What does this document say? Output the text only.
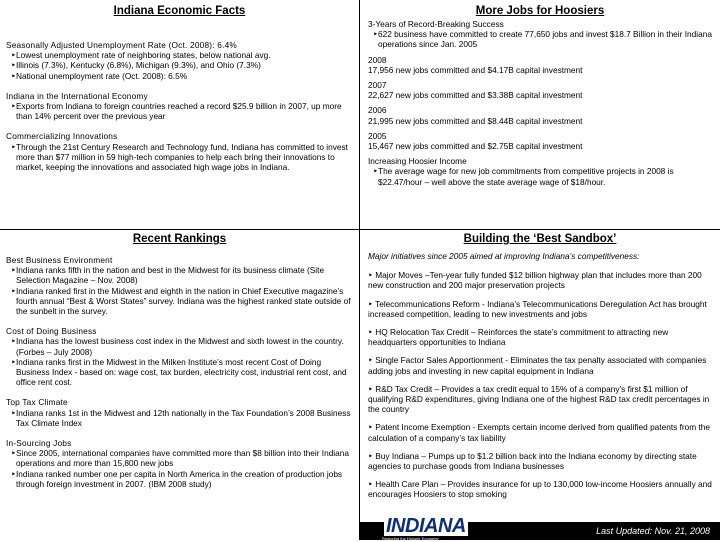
Indiana Economic Facts
Seasonally Adjusted Unemployment Rate (Oct. 2008): 6.4%
‣Lowest unemployment rate of neighboring states, below national avg.
‣Illinois (7.3%), Kentucky (6.8%), Michigan (9.3%), and Ohio (7.3%)
‣National unemployment rate (Oct. 2008): 6.5%
Indiana in the International Economy
‣Exports from Indiana to foreign countries reached a record $25.9 billion in 2007, up more than 14% percent over the previous year
Commercializing Innovations
‣Through the 21st Century Research and Technology fund, Indiana has committed to invest more than $77 million in 59 high-tech companies to help each bring their innovations to market, keeping the innovations and associated high wage jobs in Indiana.
More Jobs for Hoosiers
3-Years of Record-Breaking Success
‣622 business have committed to create 77,650 jobs and invest $18.7 Billion in their Indiana operations since Jan. 2005
2008
17,956 new jobs committed and $4.17B capital investment
2007
22,627 new jobs committed and $3.38B capital investment
2006
21,995 new jobs committed and $8.44B capital investment
2005
15,467 new jobs committed and $2.75B capital investment
Increasing Hoosier Income
‣The average wage for new job commitments from competitive projects in 2008 is $22.47/hour – well above the state average wage of $18/hour.
Recent Rankings
Best Business Environment
‣Indiana ranks fifth in the nation and best in the Midwest for its business climate (Site Selection Magazine – Nov. 2008)
‣Indiana ranked first in the Midwest and eighth in the nation in Chief Executive magazine’s fourth annual “Best & Worst States” survey. Indiana was the highest ranked state outside of the sunbelt in the survey.
Cost of Doing Business
‣Indiana has the lowest business cost index in the Midwest and sixth lowest in the country. (Forbes – July 2008)
‣Indiana ranks first in the Midwest in the Milken Institute’s most recent Cost of Doing Business Index - based on: wage cost, tax burden, electricity cost, industrial rent cost, and office rent cost.
Top Tax Climate
‣Indiana ranks 1st in the Midwest and 12th nationally in the Tax Foundation’s 2008 Business Tax Climate Index
In-Sourcing Jobs
‣Since 2005, international companies have committed more than $8 billion into their Indiana operations and more than 15,800 new jobs
‣Indiana ranked number one per capita in North America in the creation of production jobs through foreign investment in 2007. (IBM 2008 study)
Building the ‘Best Sandbox’
Major initiatives since 2005 aimed at improving Indiana’s competitiveness:
‣ Major Moves –Ten-year fully funded $12 billion highway plan that includes more than 200 new construction and 200 major preservation projects
‣ Telecommunications Reform - Indiana’s Telecommunications Deregulation Act has brought increased competition, leading to new investments and jobs
‣ HQ Relocation Tax Credit – Reinforces the state’s commitment to attracting new headquarters opportunities to Indiana
‣ Single Factor Sales Apportionment - Eliminates the tax penalty associated with companies adding jobs and investing in new capital equipment in Indiana
‣ R&D Tax Credit – Provides a tax credit equal to 15% of a company’s first $1 million of qualifying R&D expenditures, giving Indiana one of the highest R&D tax credit percentages in the country
‣ Patent Income Exemption - Exempts certain income derived from qualified patents from the calculation of a company’s tax liability
‣ Buy Indiana – Pumps up to $1.2 billion back into the Indiana economy by directing state agencies to purchase goods from Indiana businesses
‣ Health Care Plan – Provides insurance for up to 130,000 low-income Hoosiers annually and encourages Hoosiers to stop smoking
INDIANA
Restoring the Hoosier Economy
Last Updated: Nov. 21, 2008
